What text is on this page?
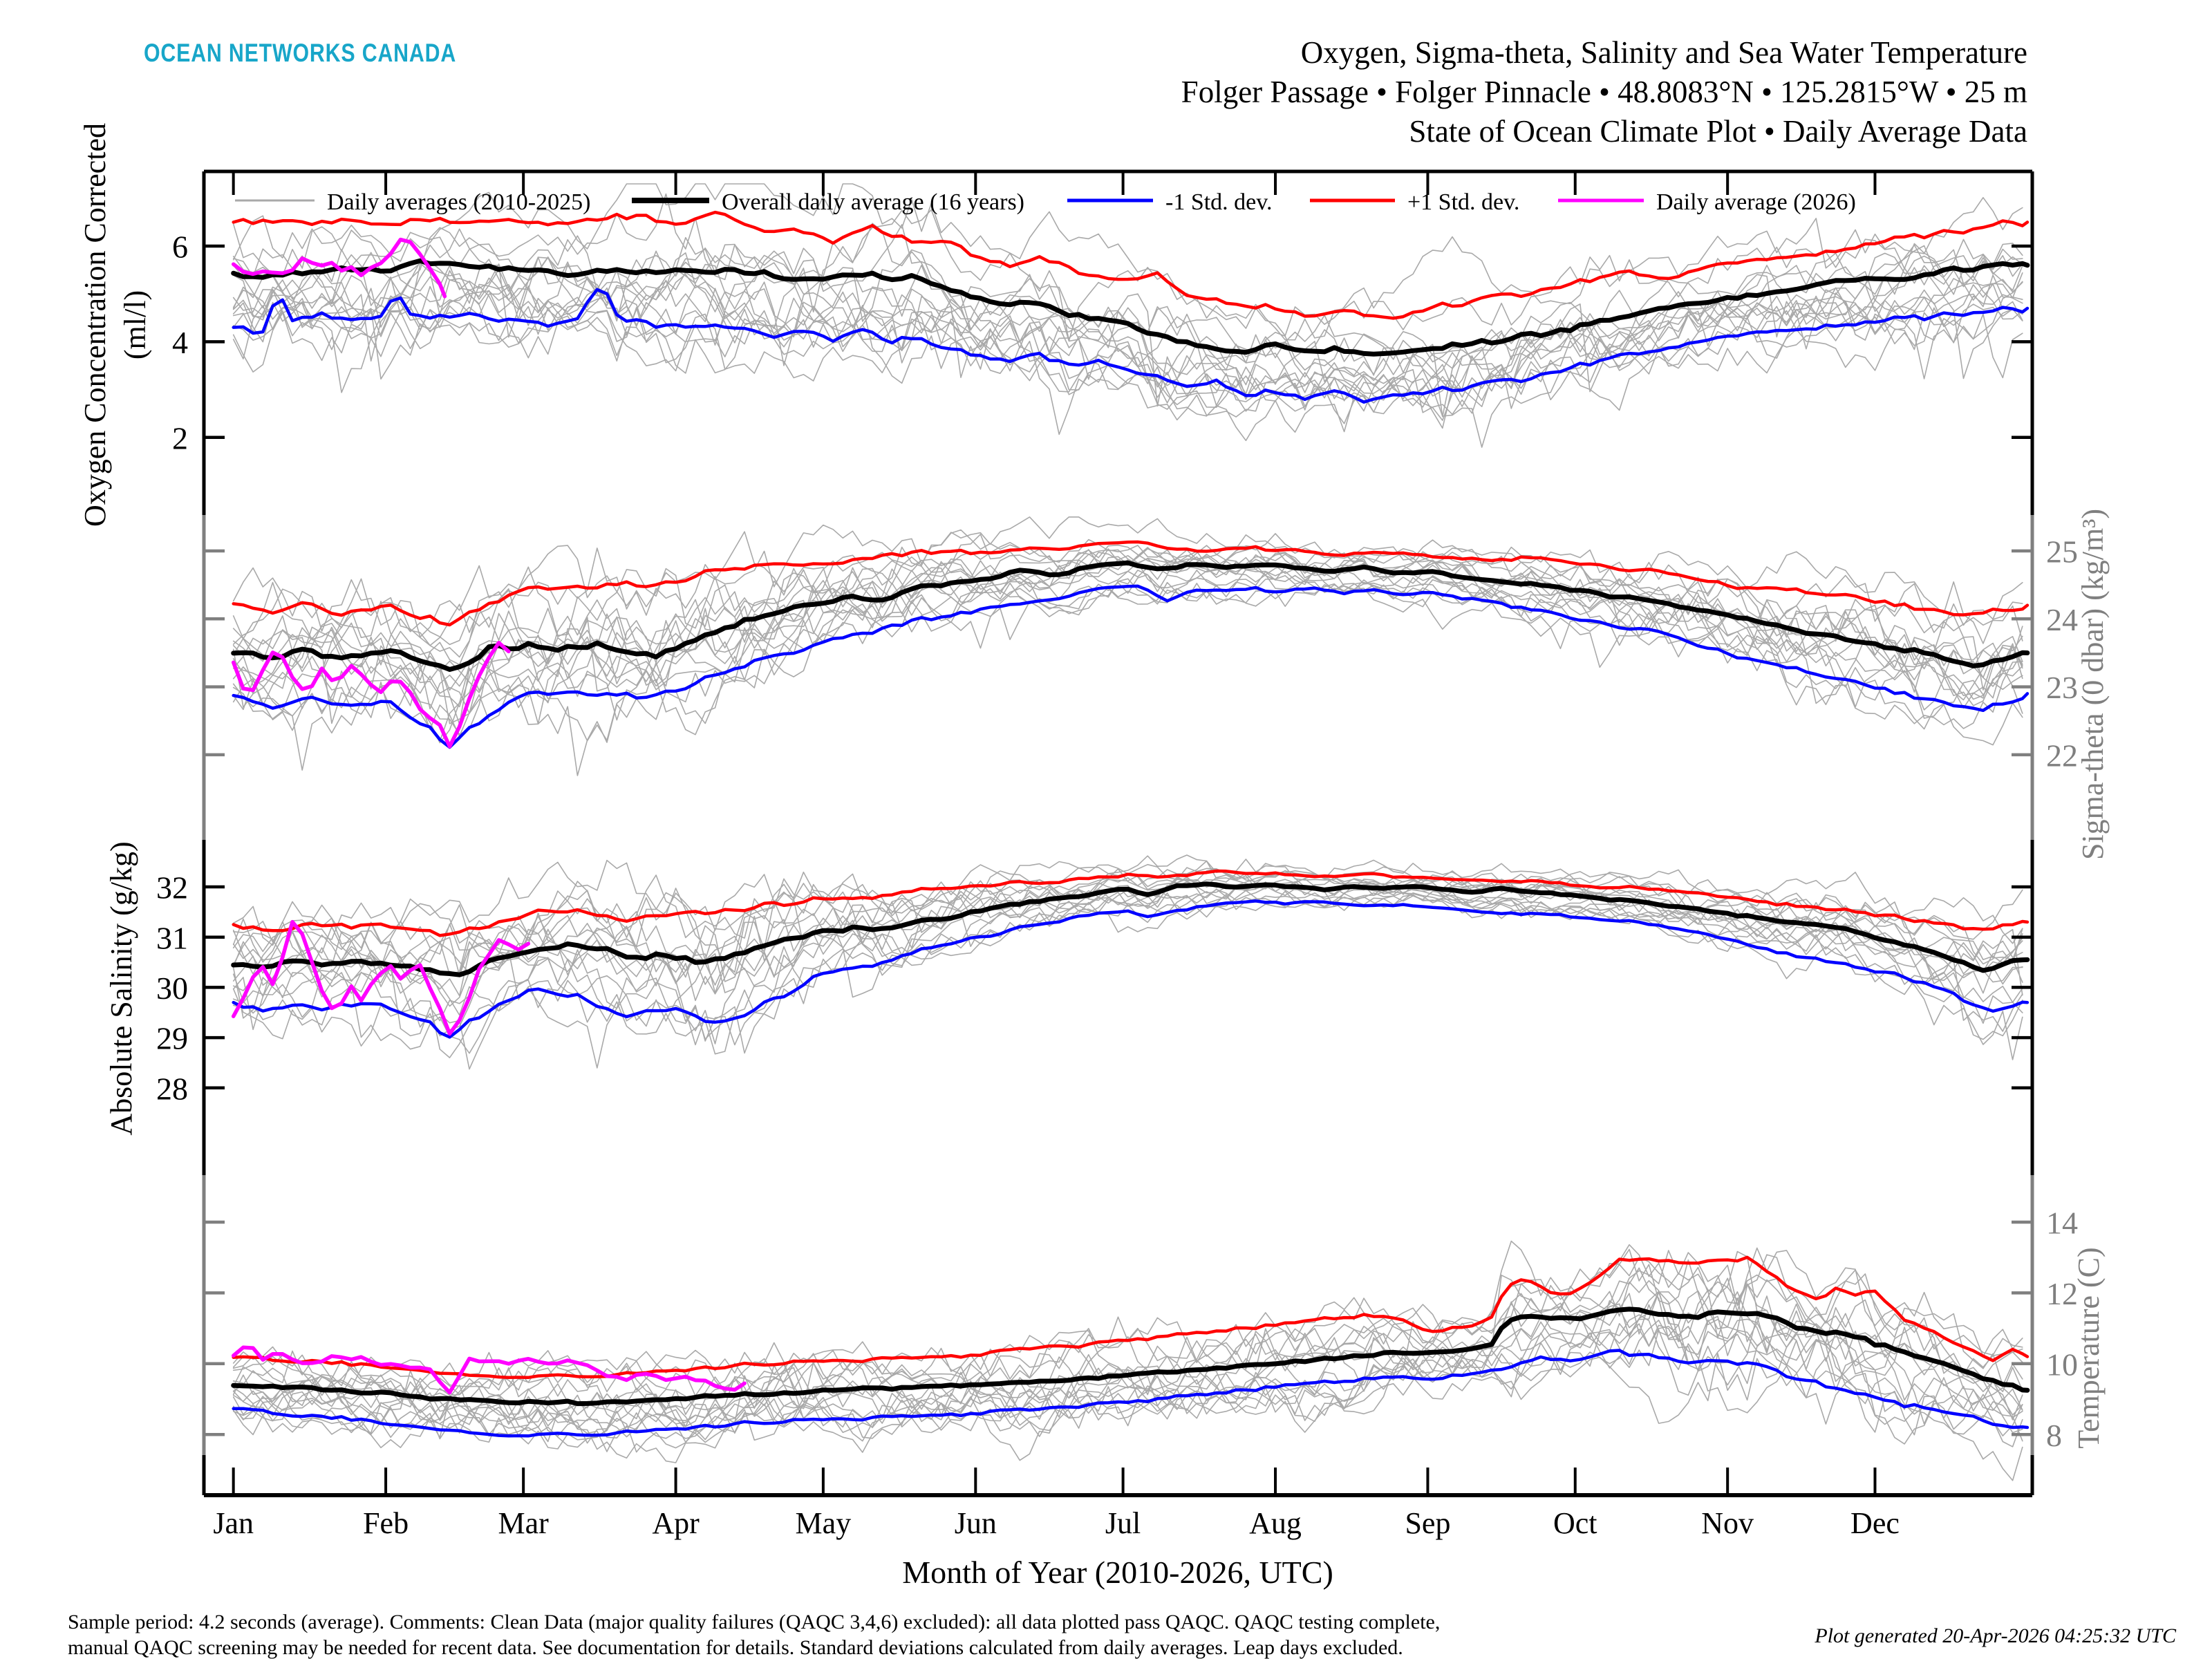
OCEAN NETWORKS CANADA	Oxygen, Sigma-theta, Salinity and Sea Water Temperature
Folger Passage • Folger Pinnacle • 48.8083°N • 125.2815°W • 25 m
State of Ocean Climate Plot • Daily Average Data
6
4
2
Oxygen Concentration Corrected (ml/l)
25
24
23
22
Sigma-theta (0 dbar) (kg/m³)
32
31
30
29
28
Absolute Salinity (g/kg)
14
12
10
8 Temperature (C)
Jan	Feb	Mar	Apr	May	Jun	Jul	Aug	Sep	Oct	Nov	Dec
Daily averages (2010-2025)	Overall daily average (16 years)	-1 Std. dev.	+1 Std. dev.	Daily average (2026)
Month of Year (2010-2026, UTC)
Sample period: 4.2 seconds (average). Comments: Clean Data (major quality failures (QAQC 3,4,6) excluded): all data plotted pass QAQC. QAQC testing complete,
manual QAQC screening may be needed for recent data. See documentation for details. Standard deviations calculated from daily averages. Leap days excluded.
Plot generated 20-Apr-2026 04:25:32 UTC
